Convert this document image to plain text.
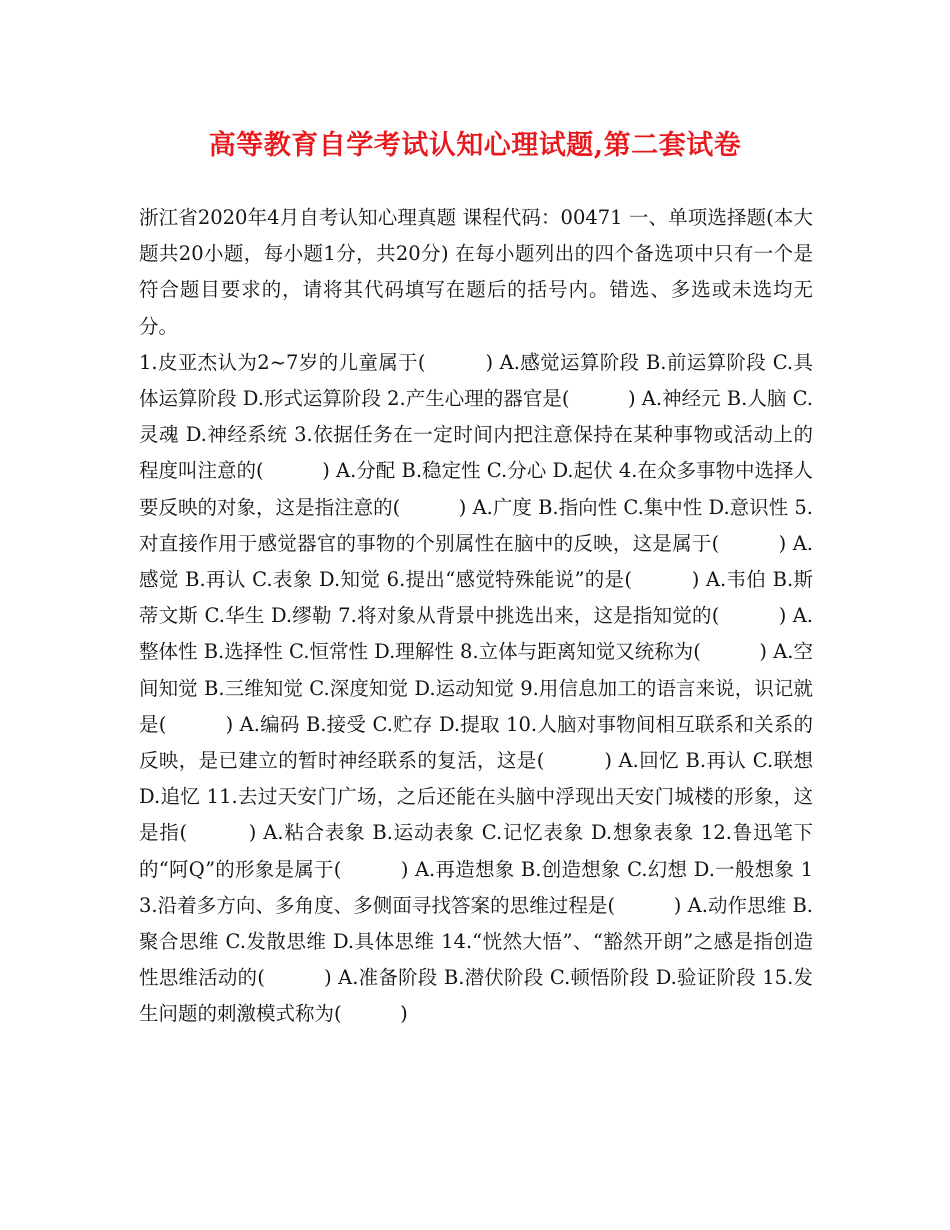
高等教育自学考试认知心理试题,第二套试卷

浙江省2020年4月自考认知心理真题 课程代码：00471 一、单项选择题(本大题共20小题，每小题1分，共20分) 在每小题列出的四个备选项中只有一个是符合题目要求的，请将其代码填写在题后的括号内。错选、多选或未选均无分。

1.皮亚杰认为2~7岁的儿童属于(　　　) A.感觉运算阶段 B.前运算阶段 C.具体运算阶段 D.形式运算阶段 2.产生心理的器官是(　　　) A.神经元 B.人脑 C.灵魂 D.神经系统 3.依据任务在一定时间内把注意保持在某种事物或活动上的程度叫注意的(　　　) A.分配 B.稳定性 C.分心 D.起伏 4.在众多事物中选择人要反映的对象，这是指注意的(　　　) A.广度 B.指向性 C.集中性 D.意识性 5.对直接作用于感觉器官的事物的个别属性在脑中的反映，这是属于(　　　) A.感觉 B.再认 C.表象 D.知觉 6.提出“感觉特殊能说”的是(　　　) A.韦伯 B.斯蒂文斯 C.华生 D.缪勒 7.将对象从背景中挑选出来，这是指知觉的(　　　) A.整体性 B.选择性 C.恒常性 D.理解性 8.立体与距离知觉又统称为(　　　) A.空间知觉 B.三维知觉 C.深度知觉 D.运动知觉 9.用信息加工的语言来说，识记就是(　　　) A.编码 B.接受 C.贮存 D.提取 10.人脑对事物间相互联系和关系的反映，是已建立的暂时神经联系的复活，这是(　　　) A.回忆 B.再认 C.联想 D.追忆 11.去过天安门广场，之后还能在头脑中浮现出天安门城楼的形象，这是指(　　　) A.粘合表象 B.运动表象 C.记忆表象 D.想象表象 12.鲁迅笔下的“阿Q”的形象是属于(　　　) A.再造想象 B.创造想象 C.幻想 D.一般想象 13.沿着多方向、多角度、多侧面寻找答案的思维过程是(　　　) A.动作思维 B.聚合思维 C.发散思维 D.具体思维 14.“恍然大悟”、“豁然开朗”之感是指创造性思维活动的(　　　) A.准备阶段 B.潜伏阶段 C.顿悟阶段 D.验证阶段 15.发生问题的刺激模式称为(　　　)
